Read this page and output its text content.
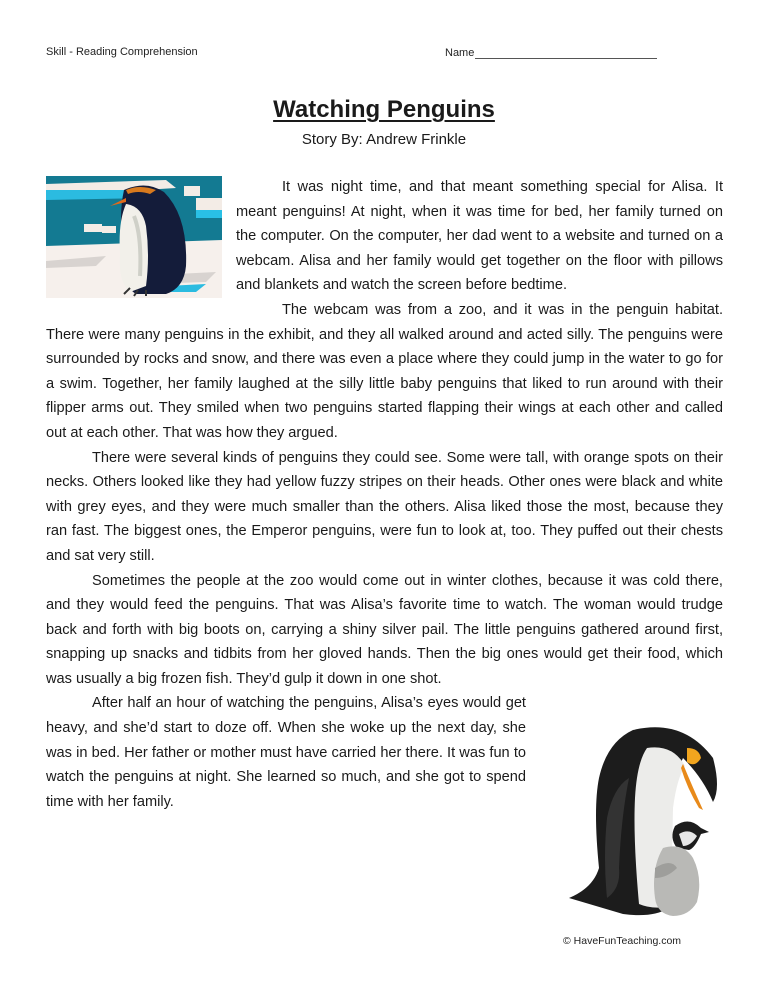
Skill - Reading Comprehension	Name
Watching Penguins
Story By: Andrew Frinkle

It was night time, and that meant something special for Alisa. It meant penguins! At night, when it was time for bed, her family turned on the computer. On the computer, her dad went to a website and turned on a webcam. Alisa and her family would get together on the floor with pillows and blankets and watch the screen before bedtime.

The webcam was from a zoo, and it was in the penguin habitat. There were many penguins in the exhibit, and they all walked around and acted silly. The penguins were surrounded by rocks and snow, and there was even a place where they could jump in the water to go for a swim. Together, her family laughed at the silly little baby penguins that liked to run around with their flipper arms out. They smiled when two penguins started flapping their wings at each other and called out at each other. That was how they argued.

There were several kinds of penguins they could see. Some were tall, with orange spots on their necks. Others looked like they had yellow fuzzy stripes on their heads. Other ones were black and white with grey eyes, and they were much smaller than the others. Alisa liked those the most, because they ran fast. The biggest ones, the Emperor penguins, were fun to look at, too. They puffed out their chests and sat very still.

Sometimes the people at the zoo would come out in winter clothes, because it was cold there, and they would feed the penguins. That was Alisa’s favorite time to watch. The woman would trudge back and forth with big boots on, carrying a shiny silver pail. The little penguins gathered around first, snapping up snacks and tidbits from her gloved hands. Then the big ones would get their food, which was usually a big frozen fish. They’d gulp it down in one shot.

After half an hour of watching the penguins, Alisa’s eyes would get heavy, and she’d start to doze off. When she woke up the next day, she was in bed. Her father or mother must have carried her there. It was fun to watch the penguins at night. She learned so much, and she got to spend time with her family.

© HaveFunTeaching.com
